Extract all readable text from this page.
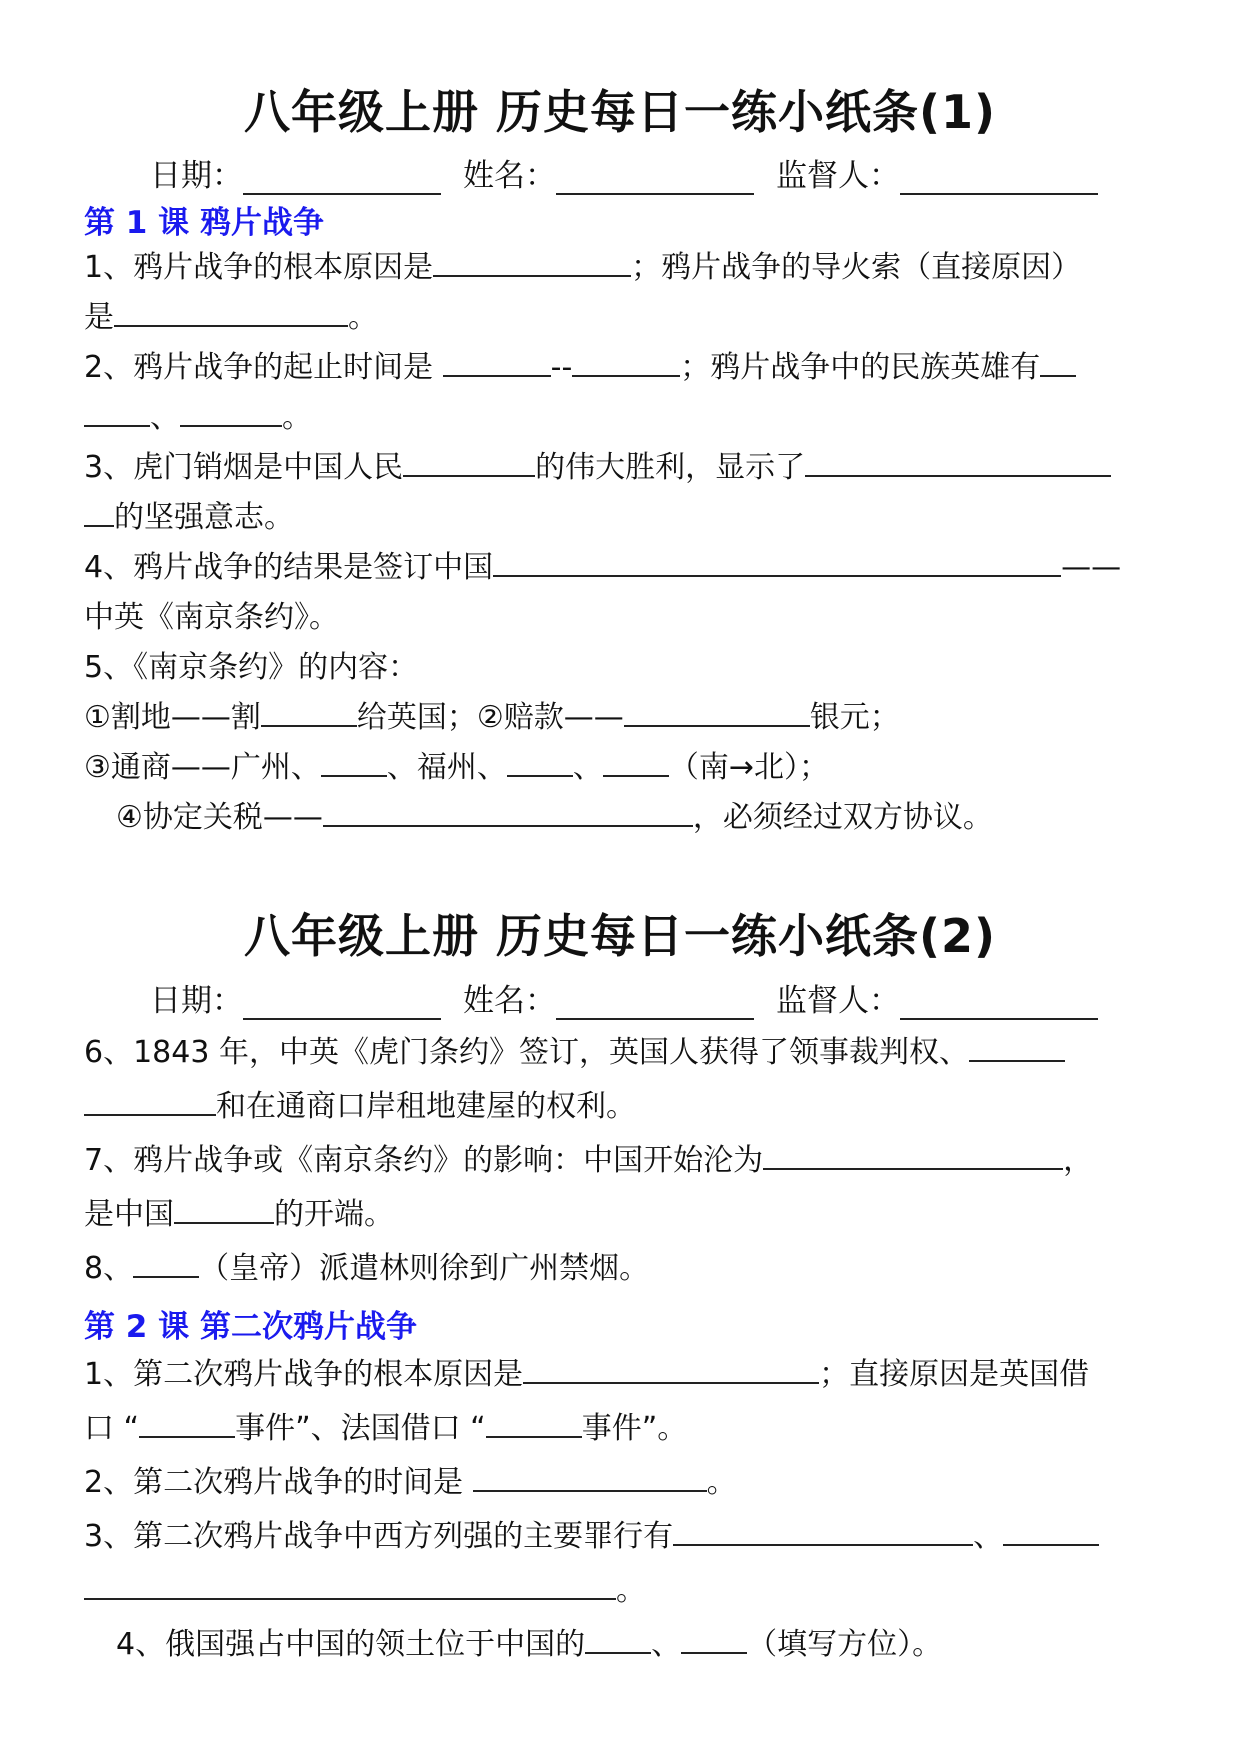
八年级上册 历史每日一练小纸条(1)
日期：	姓名：	监督人：
第 1 课 鸦片战争
1、鸦片战争的根本原因是	；鸦片战争的导火索（直接原因）
是	。
2、鸦片战争的起止时间是	--	；鸦片战争中的民族英雄有
、	。
3、虎门销烟是中国人民	的伟大胜利，显示了
的坚强意志。
4、鸦片战争的结果是签订中国	——
中英《南京条约》。
5、《南京条约》的内容：
①割地——割	给英国；②赔款——	银元；
③通商——广州、 、福州、 、 （南→北）；
④协定关税——	，必须经过双方协议。
八年级上册 历史每日一练小纸条(2)
日期：	姓名：	监督人：
6、1843 年，中英《虎门条约》签订，英国人获得了领事裁判权、
和在通商口岸租地建屋的权利。
7、鸦片战争或《南京条约》的影响：中国开始沦为	，
是中国	的开端。
8、 （皇帝）派遣林则徐到广州禁烟。
第 2 课 第二次鸦片战争
1、第二次鸦片战争的根本原因是	；直接原因是英国借
口 “	事件”、法国借口 “	事件”。
2、第二次鸦片战争的时间是	。
3、第二次鸦片战争中西方列强的主要罪行有	、
。
4、俄国强占中国的领土位于中国的 、 （填写方位）。
